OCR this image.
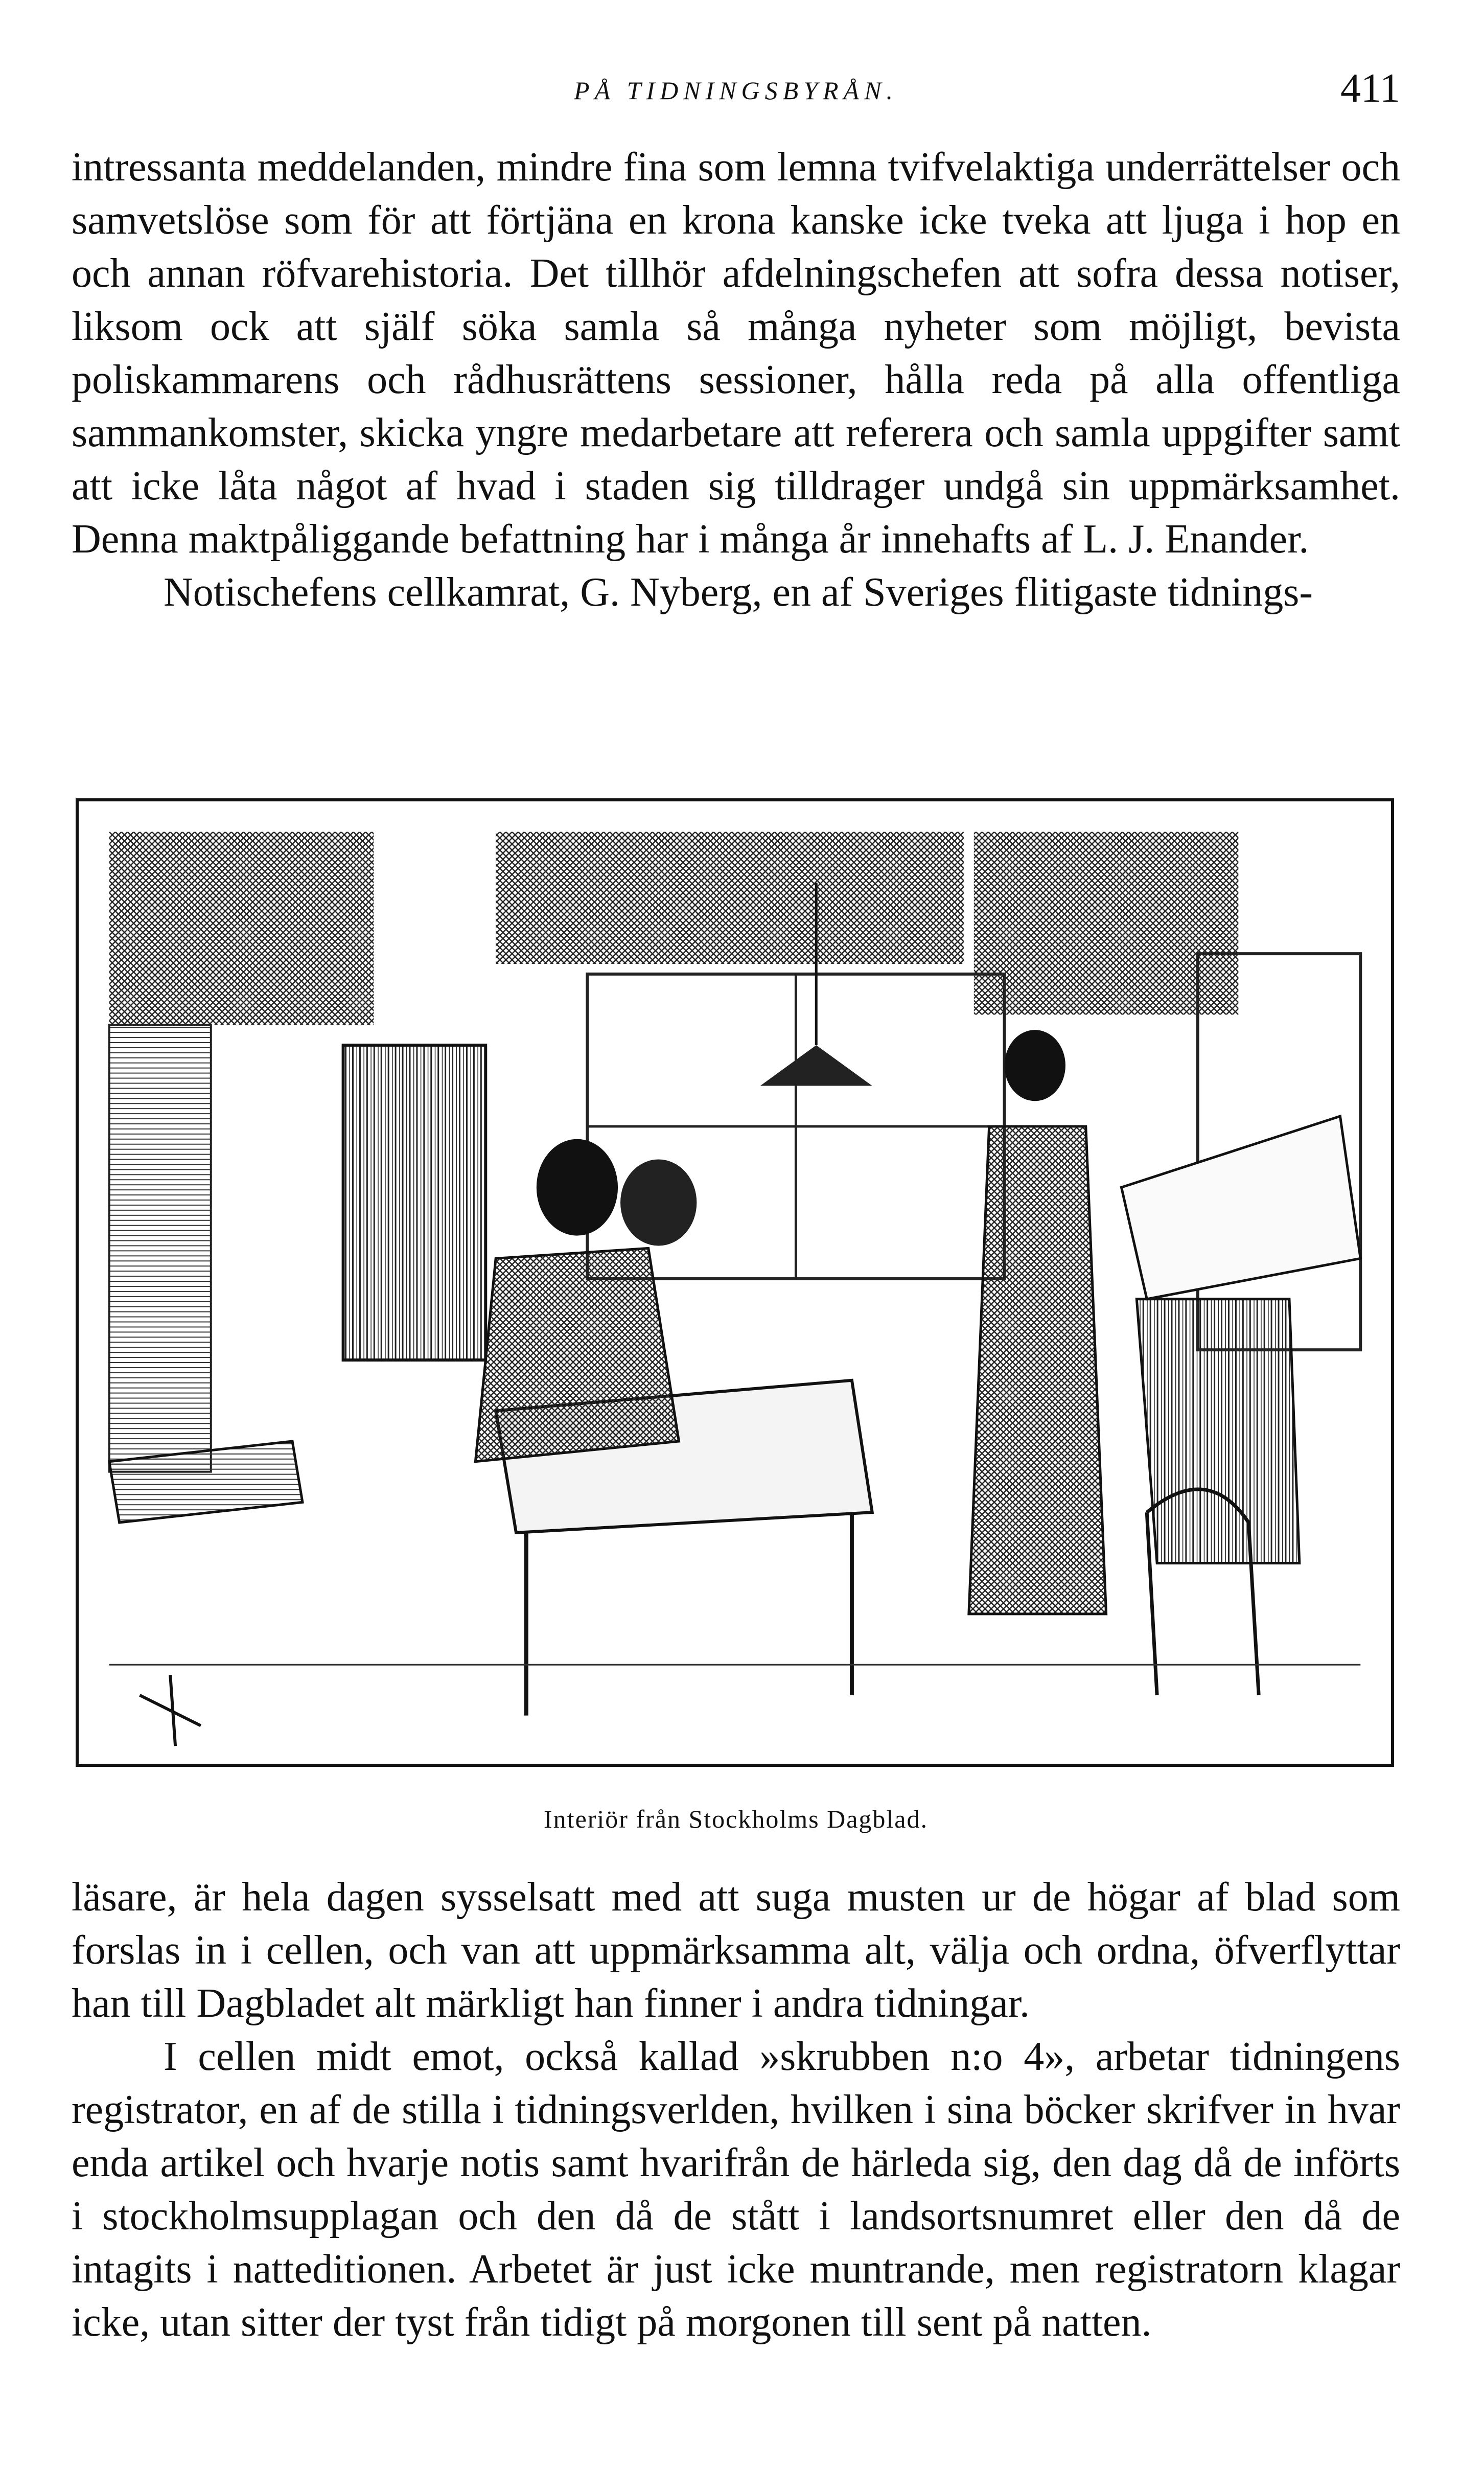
PÅ TIDNINGSBYRÅN.	411

intressanta meddelanden, mindre fina som lemna tvifvelaktiga underrättelser och samvetslöse som för att förtjäna en krona kanske icke tveka att ljuga i hop en och annan röfvarehistoria. Det tillhör afdelningschefen att sofra dessa notiser, liksom ock att själf söka samla så många nyheter som möjligt, bevista poliskammarens och rådhusrättens sessioner, hålla reda på alla offentliga sammankomster, skicka yngre medarbetare att referera och samla uppgifter samt att icke låta något af hvad i staden sig tilldrager undgå sin uppmärksamhet. Denna maktpåliggande befattning har i många år innehafts af L. J. Enander.

Notischefens cellkamrat, G. Nyberg, en af Sveriges flitigaste tidnings-

Interiör från Stockholms Dagblad.

läsare, är hela dagen sysselsatt med att suga musten ur de högar af blad som forslas in i cellen, och van att uppmärksamma alt, välja och ordna, öfverflyttar han till Dagbladet alt märkligt han finner i andra tidningar.

I cellen midt emot, också kallad »skrubben n:o 4», arbetar tidningens registrator, en af de stilla i tidningsverlden, hvilken i sina böcker skrifver in hvar enda artikel och hvarje notis samt hvarifrån de härleda sig, den dag då de införts i stockholmsupplagan och den då de stått i landsortsnumret eller den då de intagits i natteditionen. Arbetet är just icke muntrande, men registratorn klagar icke, utan sitter der tyst från tidigt på morgonen till sent på natten.
